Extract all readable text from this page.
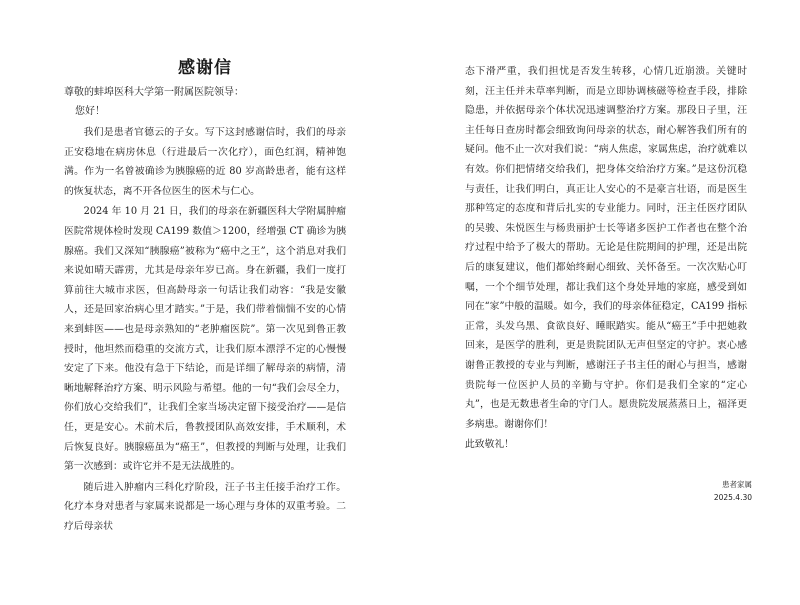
感谢信

尊敬的蚌埠医科大学第一附属医院领导：

您好！

我们是患者官德云的子女。写下这封感谢信时，我们的母亲正安稳地在病房休息（行进最后一次化疗），面色红润，精神饱满。作为一名曾被确诊为胰腺癌的近 80 岁高龄患者，能有这样的恢复状态，离不开各位医生的医术与仁心。

2024 年 10 月 21 日，我们的母亲在新疆医科大学附属肿瘤医院常规体检时发现 CA199 数值＞1200，经增强 CT 确诊为胰腺癌。我们又深知“胰腺癌”被称为“癌中之王”，这个消息对我们来说如晴天霹雳，尤其是母亲年岁已高。身在新疆，我们一度打算前往大城市求医，但高龄母亲一句话让我们动容：“我是安徽人，还是回家治病心里才踏实。”于是，我们带着惴惴不安的心情来到蚌医——也是母亲熟知的“老肿瘤医院”。第一次见到鲁正教授时，他坦然而稳重的交流方式，让我们原本漂浮不定的心慢慢安定了下来。他没有急于下结论，而是详细了解母亲的病情，清晰地解释治疗方案、明示风险与希望。他的一句“我们会尽全力，你们放心交给我们”，让我们全家当场决定留下接受治疗——是信任，更是安心。术前术后，鲁教授团队高效安排，手术顺利，术后恢复良好。胰腺癌虽为“癌王”，但教授的判断与处理，让我们第一次感到：或许它并不是无法战胜的。

随后进入肿瘤内三科化疗阶段，汪子书主任接手治疗工作。化疗本身对患者与家属来说都是一场心理与身体的双重考验。二疗后母亲状

态下滑严重，我们担忧是否发生转移，心情几近崩溃。关键时刻，汪主任并未草率判断，而是立即协调核磁等检查手段，排除隐患，并依据母亲个体状况迅速调整治疗方案。那段日子里，汪主任每日查房时都会细致询问母亲的状态，耐心解答我们所有的疑问。他不止一次对我们说：“病人焦虑，家属焦虑，治疗就难以有效。你们把情绪交给我们，把身体交给治疗方案。”是这份沉稳与责任，让我们明白，真正让人安心的不是豪言壮语，而是医生那种笃定的态度和背后扎实的专业能力。同时，汪主任医疗团队的吴骏、朱悦医生与杨贵丽护士长等诸多医护工作者也在整个治疗过程中给予了极大的帮助。无论是住院期间的护理，还是出院后的康复建议，他们都始终耐心细致、关怀备至。一次次贴心叮嘱，一个个细节处理，都让我们这个身处异地的家庭，感受到如同在“家”中般的温暖。如今，我们的母亲体征稳定，CA199 指标正常，头发乌黑、食欲良好、睡眠踏实。能从“癌王”手中把她救回来，是医学的胜利，更是贵院团队无声但坚定的守护。衷心感谢鲁正教授的专业与判断，感谢汪子书主任的耐心与担当，感谢贵院每一位医护人员的辛勤与守护。你们是我们全家的“定心丸”，也是无数患者生命的守门人。愿贵院发展蒸蒸日上，福泽更多病患。谢谢你们！

此致敬礼！

患者家属
2025.4.30
